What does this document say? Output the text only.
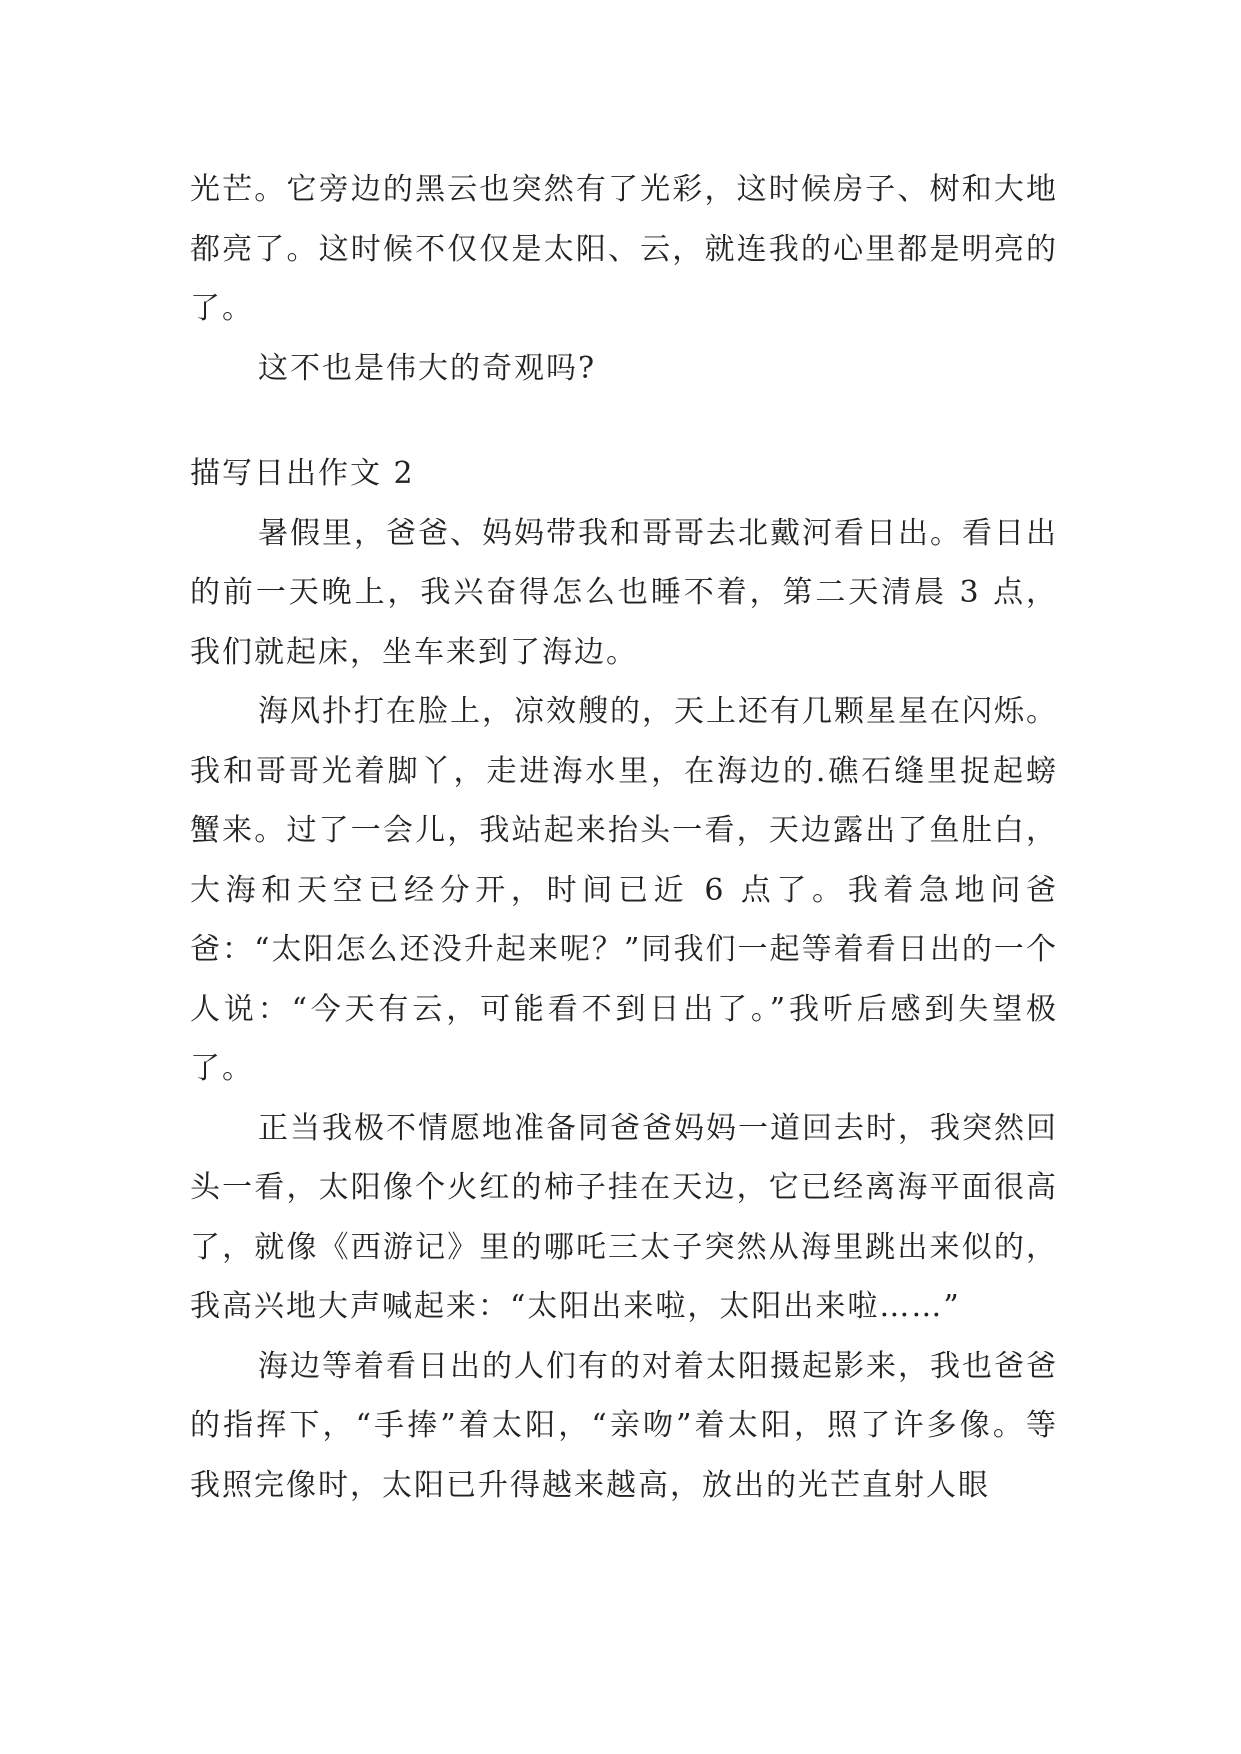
光芒。它旁边的黑云也突然有了光彩，这时候房子、树和大地都亮了。这时候不仅仅是太阳、云，就连我的心里都是明亮的了。

这不也是伟大的奇观吗?

描写日出作文 2

暑假里，爸爸、妈妈带我和哥哥去北戴河看日出。看日出的前一天晚上，我兴奋得怎么也睡不着，第二天清晨 3 点，我们就起床，坐车来到了海边。

海风扑打在脸上，凉效艘的，天上还有几颗星星在闪烁。我和哥哥光着脚丫，走进海水里，在海边的.礁石缝里捉起螃蟹来。过了一会儿，我站起来抬头一看，天边露出了鱼肚白，大海和天空已经分开，时间已近 6 点了。我着急地问爸爸：“太阳怎么还没升起来呢？”同我们一起等着看日出的一个人说：“今天有云，可能看不到日出了。”我听后感到失望极了。

正当我极不情愿地准备同爸爸妈妈一道回去时，我突然回头一看，太阳像个火红的柿子挂在天边，它已经离海平面很高了，就像《西游记》里的哪吒三太子突然从海里跳出来似的，我高兴地大声喊起来：“太阳出来啦，太阳出来啦……”

海边等着看日出的人们有的对着太阳摄起影来，我也爸爸的指挥下，“手捧”着太阳，“亲吻”着太阳，照了许多像。等我照完像时，太阳已升得越来越高，放出的光芒直射人眼
